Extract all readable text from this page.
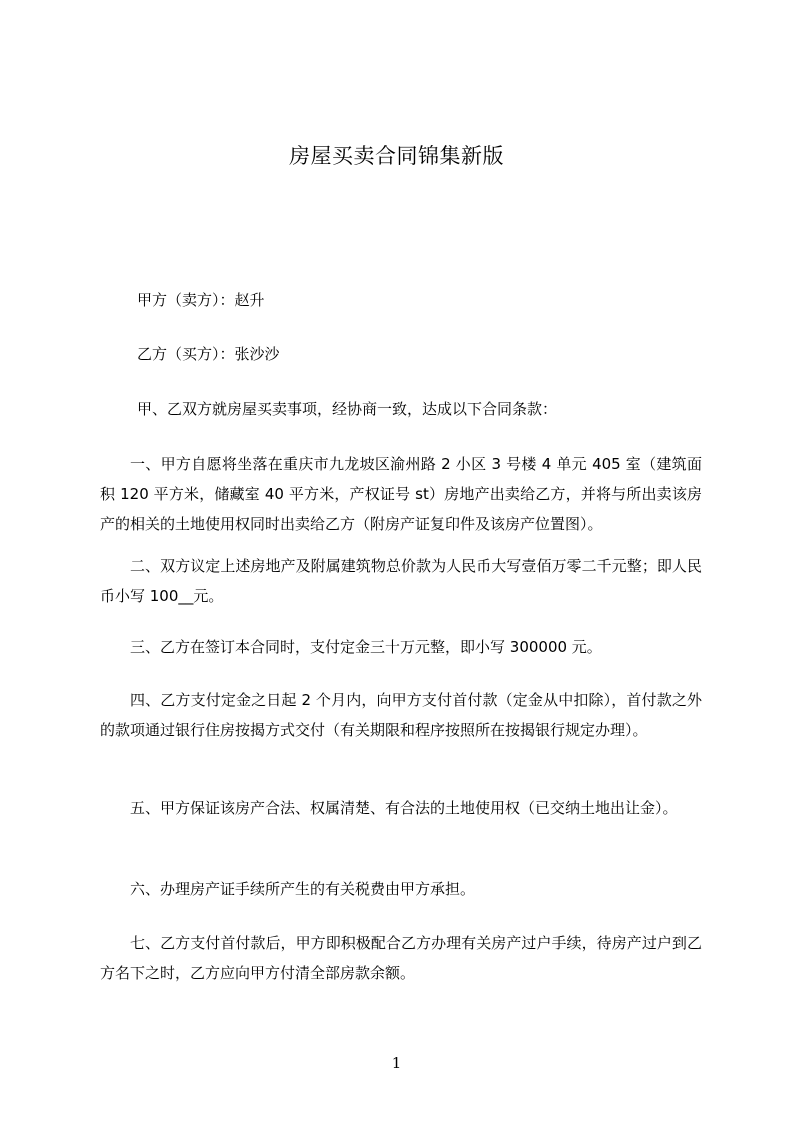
房屋买卖合同锦集新版
甲方（卖方）：赵升
乙方（买方）：张沙沙
甲、乙双方就房屋买卖事项，经协商一致，达成以下合同条款：
一、甲方自愿将坐落在重庆市九龙坡区渝州路 2 小区 3 号楼 4 单元 405 室（建筑面积 120 平方米，储藏室 40 平方米，产权证号 st）房地产出卖给乙方，并将与所出卖该房产的相关的土地使用权同时出卖给乙方（附房产证复印件及该房产位置图）。
二、双方议定上述房地产及附属建筑物总价款为人民币大写壹佰万零二千元整；即人民币小写 100__元。
三、乙方在签订本合同时，支付定金三十万元整，即小写 300000 元。
四、乙方支付定金之日起 2 个月内，向甲方支付首付款（定金从中扣除），首付款之外的款项通过银行住房按揭方式交付（有关期限和程序按照所在按揭银行规定办理）。
五、甲方保证该房产合法、权属清楚、有合法的土地使用权（已交纳土地出让金）。
六、办理房产证手续所产生的有关税费由甲方承担。
七、乙方支付首付款后，甲方即积极配合乙方办理有关房产过户手续，待房产过户到乙方名下之时，乙方应向甲方付清全部房款余额。
1
